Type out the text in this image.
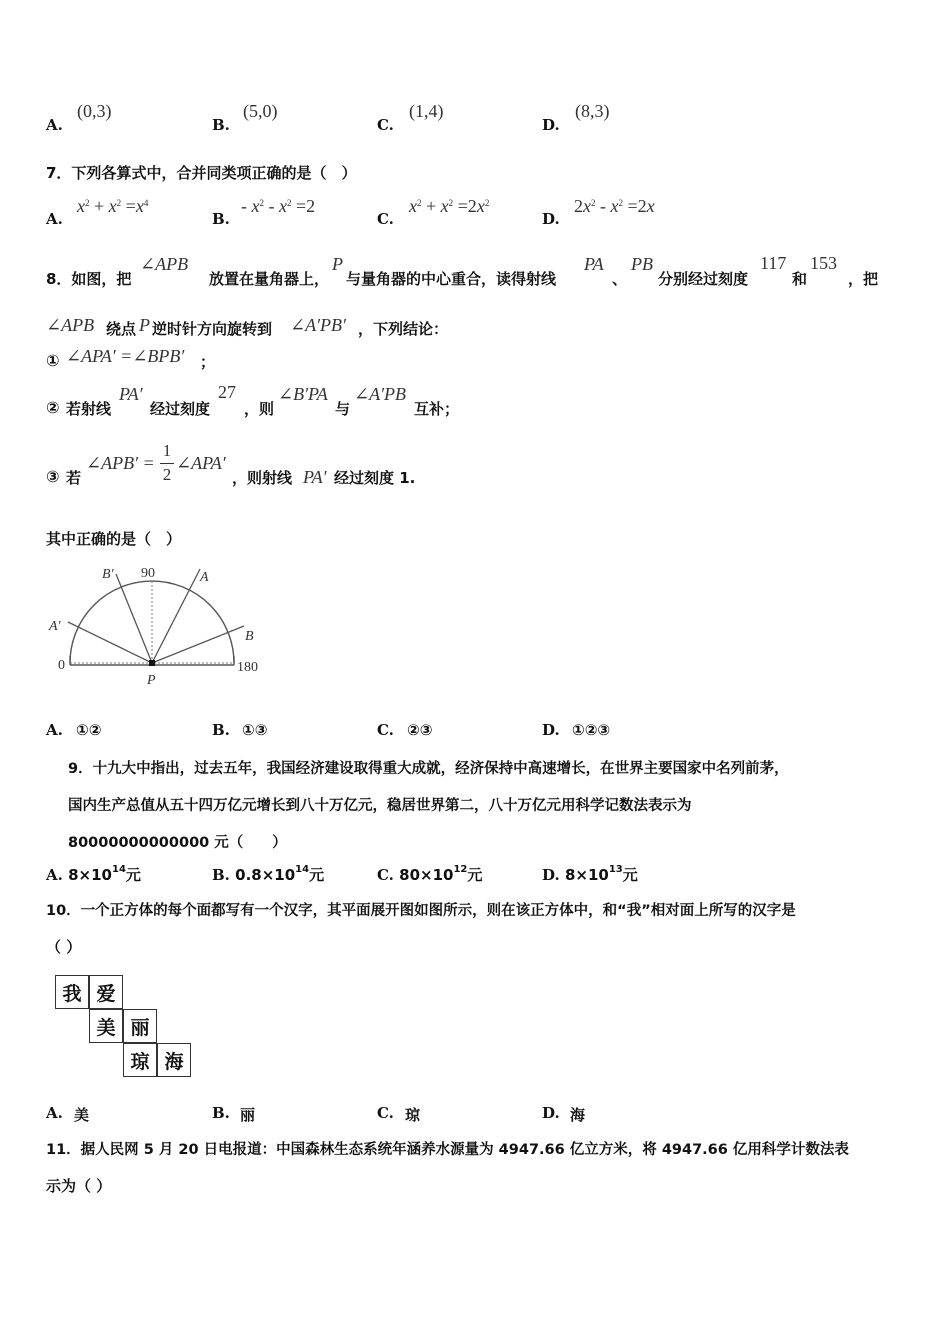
A.
(0,3)
B.
(5,0)
C.
(1,4)
D.
(8,3)
7．下列各算式中，合并同类项正确的是（　）
A.
$x^2 + x^2 =x^4$
B.
- $x^2 - x^2 =2$
C.
$x^2 + x^2 =2x^2$
D.
$2x^2 - x^2 =2x$
8．如图，把
∠APB
放置在量角器上，
P
与量角器的中心重合，读得射线
PA
、
PB
分别经过刻度
117
和
153
，把
∠APB 绕点 P 逆时针方向旋转到 ∠A′PB′ ，下列结论：
① ∠APA′ =∠BPB′ ；
② 若射线
PA′
经过刻度
27
，则
∠B′PA
与
∠A′PB
互补；
③ 若
∠APB′ =
1
2
∠APA′
，则射线 PA′ 经过刻度 1.
其中正确的是（　）
90
B′	A
A′
B
0	180
P
A. ①②	B. ①③	C. ②③	D. ①②③
9．十九大中指出，过去五年，我国经济建设取得重大成就，经济保持中高速增长，在世界主要国家中名列前茅，
国内生产总值从五十四万亿元增长到八十万亿元，稳居世界第二，八十万亿元用科学记数法表示为
80000000000000 元（　　）
A. $8\times 10^{14}$元	B. $0.8\times 10^{14}$元	C. $80\times 10^{12}$元	D. $8\times 10^{13}$元
10．一个正方体的每个面都写有一个汉字，其平面展开图如图所示，则在该正方体中，和“我”相对面上所写的汉字是
（ ）
我 爱
美 丽
琼 海
A. 美	B. 丽	C. 琼	D. 海
11．据人民网 5 月 20 日电报道：中国森林生态系统年涵养水源量为 4947.66 亿立方米，将 4947.66 亿用科学计数法表
示为（ ）
